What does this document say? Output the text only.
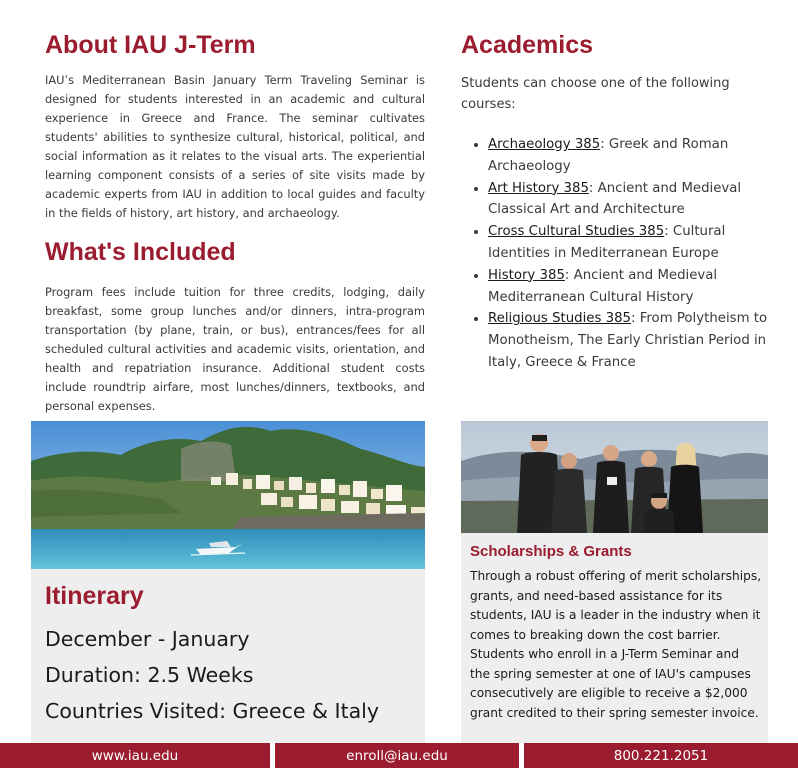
About IAU J-Term

IAU’s Mediterranean Basin January Term Traveling Seminar is designed for students interested in an academic and cultural experience in Greece and France. The seminar cultivates students' abilities to synthesize cultural, historical, political, and social information as it relates to the visual arts. The experiential learning component consists of a series of site visits made by academic experts from IAU in addition to local guides and faculty in the fields of history, art history, and archaeology.

What's Included

Program fees include tuition for three credits, lodging, daily breakfast, some group lunches and/or dinners, intra-program transportation (by plane, train, or bus), entrances/fees for all scheduled cultural activities and academic visits, orientation, and health and repatriation insurance. Additional student costs include roundtrip airfare, most lunches/dinners, textbooks, and personal expenses.

Academics

Students can choose one of the following courses:

• Archaeology 385: Greek and Roman Archaeology
• Art History 385: Ancient and Medieval Classical Art and Architecture
• Cross Cultural Studies 385: Cultural Identities in Mediterranean Europe
• History 385: Ancient and Medieval Mediterranean Cultural History
• Religious Studies 385: From Polytheism to Monotheism, The Early Christian Period in Italy, Greece & France
Itinerary
December - January
Duration: 2.5 Weeks
Countries Visited: Greece & Italy
Scholarships & Grants

Through a robust offering of merit scholarships, grants, and need-based assistance for its students, IAU is a leader in the industry when it comes to breaking down the cost barrier. Students who enroll in a J-Term Seminar and the spring semester at one of IAU's campuses consecutively are eligible to receive a $2,000 grant credited to their spring semester invoice.

www.iau.edu	enroll@iau.edu	800.221.2051
